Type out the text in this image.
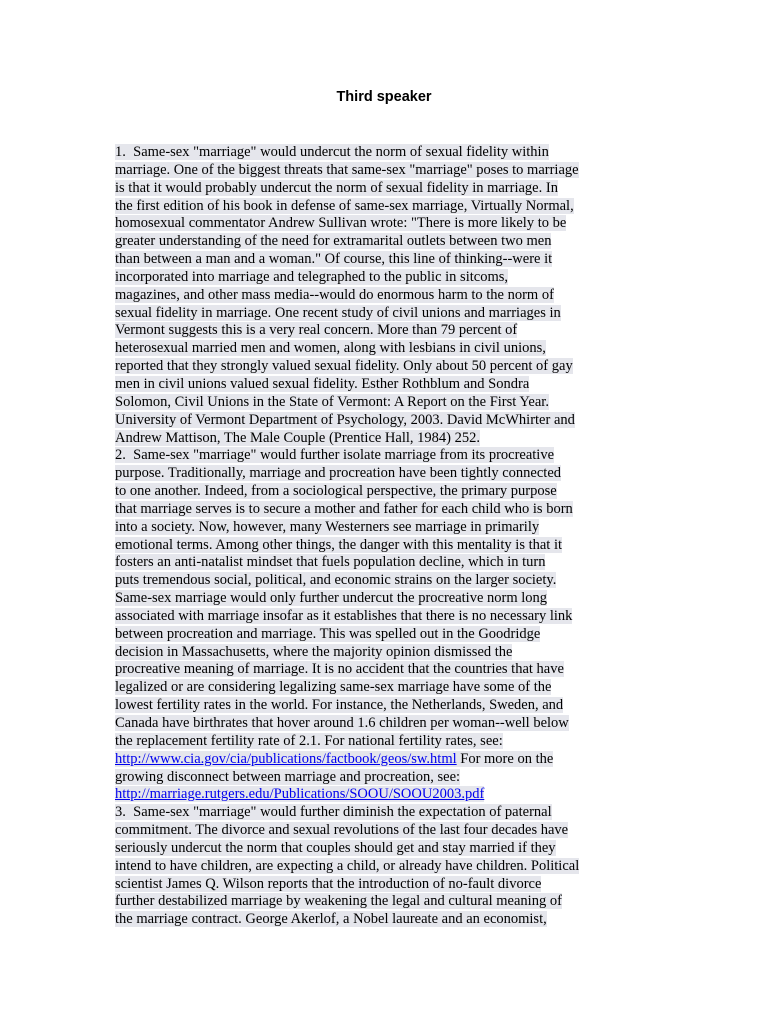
Third speaker
1.  Same-sex "marriage" would undercut the norm of sexual fidelity within
marriage. One of the biggest threats that same-sex "marriage" poses to marriage
is that it would probably undercut the norm of sexual fidelity in marriage. In
the first edition of his book in defense of same-sex marriage, Virtually Normal,
homosexual commentator Andrew Sullivan wrote: "There is more likely to be
greater understanding of the need for extramarital outlets between two men
than between a man and a woman." Of course, this line of thinking--were it
incorporated into marriage and telegraphed to the public in sitcoms,
magazines, and other mass media--would do enormous harm to the norm of
sexual fidelity in marriage. One recent study of civil unions and marriages in
Vermont suggests this is a very real concern. More than 79 percent of
heterosexual married men and women, along with lesbians in civil unions,
reported that they strongly valued sexual fidelity. Only about 50 percent of gay
men in civil unions valued sexual fidelity. Esther Rothblum and Sondra
Solomon, Civil Unions in the State of Vermont: A Report on the First Year.
University of Vermont Department of Psychology, 2003. David McWhirter and
Andrew Mattison, The Male Couple (Prentice Hall, 1984) 252.
2.  Same-sex "marriage" would further isolate marriage from its procreative
purpose. Traditionally, marriage and procreation have been tightly connected
to one another. Indeed, from a sociological perspective, the primary purpose
that marriage serves is to secure a mother and father for each child who is born
into a society. Now, however, many Westerners see marriage in primarily
emotional terms. Among other things, the danger with this mentality is that it
fosters an anti-natalist mindset that fuels population decline, which in turn
puts tremendous social, political, and economic strains on the larger society.
Same-sex marriage would only further undercut the procreative norm long
associated with marriage insofar as it establishes that there is no necessary link
between procreation and marriage. This was spelled out in the Goodridge
decision in Massachusetts, where the majority opinion dismissed the
procreative meaning of marriage. It is no accident that the countries that have
legalized or are considering legalizing same-sex marriage have some of the
lowest fertility rates in the world. For instance, the Netherlands, Sweden, and
Canada have birthrates that hover around 1.6 children per woman--well below
the replacement fertility rate of 2.1. For national fertility rates, see:
http://www.cia.gov/cia/publications/factbook/geos/sw.html For more on the
growing disconnect between marriage and procreation, see:
http://marriage.rutgers.edu/Publications/SOOU/SOOU2003.pdf
3.  Same-sex "marriage" would further diminish the expectation of paternal
commitment. The divorce and sexual revolutions of the last four decades have
seriously undercut the norm that couples should get and stay married if they
intend to have children, are expecting a child, or already have children. Political
scientist James Q. Wilson reports that the introduction of no-fault divorce
further destabilized marriage by weakening the legal and cultural meaning of
the marriage contract. George Akerlof, a Nobel laureate and an economist,
